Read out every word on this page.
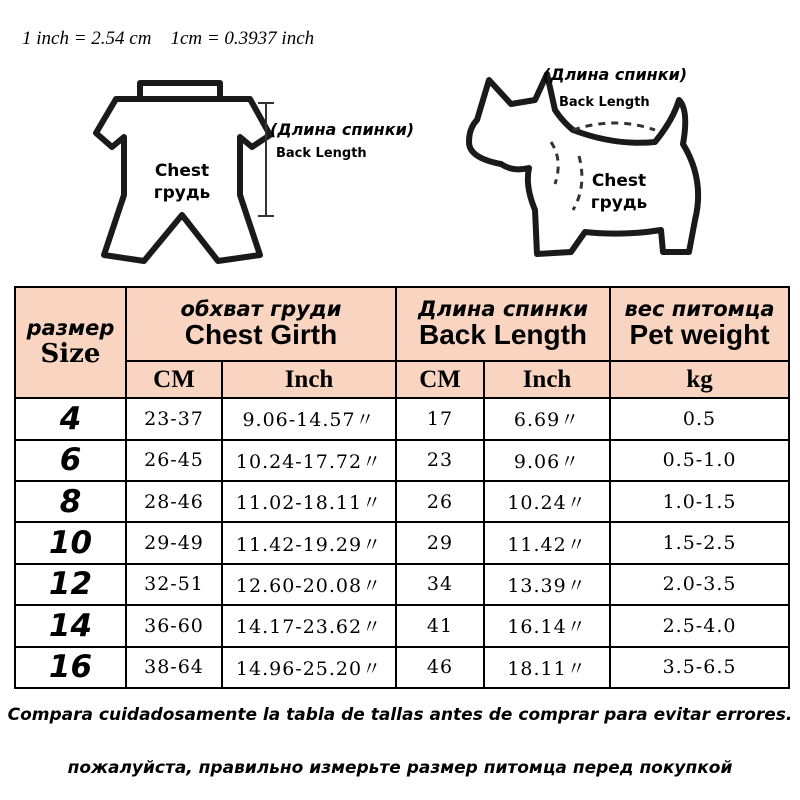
1 inch = 2.54 cm    1cm = 0.3937 inch
(Длина спинки)
Back Length
Chest
грудь
(Длина спинки)
Back Length
Chest
грудь
размер
Size	обхват груди
Chest Girth		Длина спинки
Back Length		вес питомца
Pet weight

	CM	Inch	CM	Inch	kg
4	23-37	9.06-14.57〃	17	6.69〃	0.5
6	26-45	10.24-17.72〃	23	9.06〃	0.5-1.0
8	28-46	11.02-18.11〃	26	10.24〃	1.0-1.5
10	29-49	11.42-19.29〃	29	11.42〃	1.5-2.5
12	32-51	12.60-20.08〃	34	13.39〃	2.0-3.5
14	36-60	14.17-23.62〃	41	16.14〃	2.5-4.0
16	38-64	14.96-25.20〃	46	18.11〃	3.5-6.5
Compara cuidadosamente la tabla de tallas antes de comprar para evitar errores.
пожалуйста, правильно измерьте размер питомца перед покупкой
